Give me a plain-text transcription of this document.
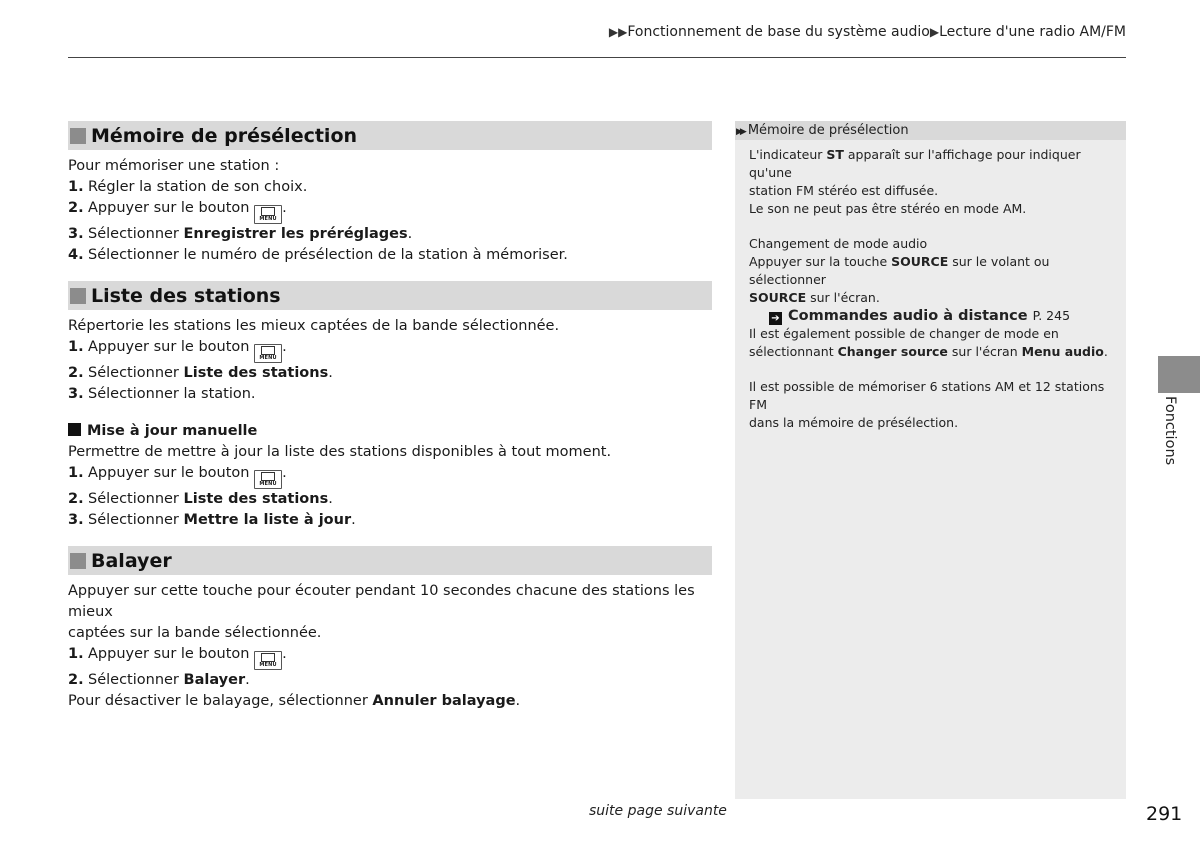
▶▶Fonctionnement de base du système audio▶Lecture d'une radio AM/FM
Mémoire de présélection

Pour mémoriser une station :

1. Régler la station de son choix.

2. Appuyer sur le bouton
MENU
.

3. Sélectionner Enregistrer les préréglages.

4. Sélectionner le numéro de présélection de la station à mémoriser.

Liste des stations

Répertorie les stations les mieux captées de la bande sélectionnée.

1. Appuyer sur le bouton
MENU
.

2. Sélectionner Liste des stations.

3. Sélectionner la station.

Mise à jour manuelle

Permettre de mettre à jour la liste des stations disponibles à tout moment.

1. Appuyer sur le bouton
MENU
.

2. Sélectionner Liste des stations.

3. Sélectionner Mettre la liste à jour.

Balayer

Appuyer sur cette touche pour écouter pendant 10 secondes chacune des stations les mieux

captées sur la bande sélectionnée.

1. Appuyer sur le bouton
MENU
.

2. Sélectionner Balayer.

Pour désactiver le balayage, sélectionner Annuler balayage.

▶▶ Mémoire de présélection

L'indicateur ST apparaît sur l'affichage pour indiquer qu'une

station FM stéréo est diffusée.

Le son ne peut pas être stéréo en mode AM.

Changement de mode audio

Appuyer sur la touche SOURCE sur le volant ou sélectionner

SOURCE sur l'écran.

➔ Commandes audio à distance P. 245

Il est également possible de changer de mode en

sélectionnant Changer source sur l'écran Menu audio.

Il est possible de mémoriser 6 stations AM et 12 stations FM

dans la mémoire de présélection.	Fonctions
suite page suivante	291
